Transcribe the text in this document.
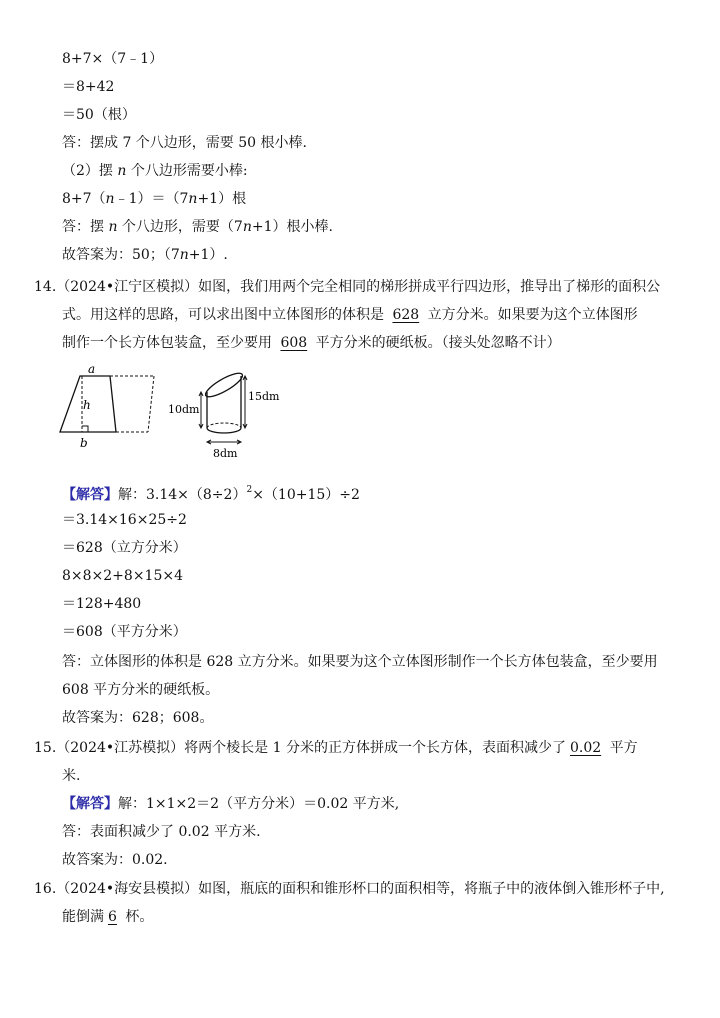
8+7×（7﹣1）
＝8+42
＝50（根）
答：摆成 7 个八边形，需要 50 根小棒.
（2）摆 n 个八边形需要小棒:
8+7（n﹣1）＝（7n+1）根
答：摆 n 个八边形，需要（7n+1）根小棒.
故答案为：50；（7n+1）.
14.（2024•江宁区模拟）如图，我们用两个完全相同的梯形拼成平行四边形，推导出了梯形的面积公
式。用这样的思路，可以求出图中立体图形的体积是 628 立方分米。如果要为这个立体图形
制作一个长方体包装盒，至少要用 608 平方分米的硬纸板。（接头处忽略不计）
a
h
b
10dm
15dm
8dm
【解答】解：$3.14\times(8\div 2)^2\times(10+15)\div 2$
＝3.14×16×25÷2
＝628（立方分米）
8×8×2+8×15×4
＝128+480
＝608（平方分米）
答：立体图形的体积是 628 立方分米。如果要为这个立体图形制作一个长方体包装盒，至少要用
608 平方分米的硬纸板。
故答案为：628；608。
15.（2024•江苏模拟）将两个棱长是 1 分米的正方体拼成一个长方体，表面积减少了 0.02 平方
米.
【解答】解：1×1×2＝2（平方分米）＝0.02 平方米,
答：表面积减少了 0.02 平方米.
故答案为：0.02.
16.（2024•海安县模拟）如图，瓶底的面积和锥形杯口的面积相等，将瓶子中的液体倒入锥形杯子中,
能倒满 6 杯。
